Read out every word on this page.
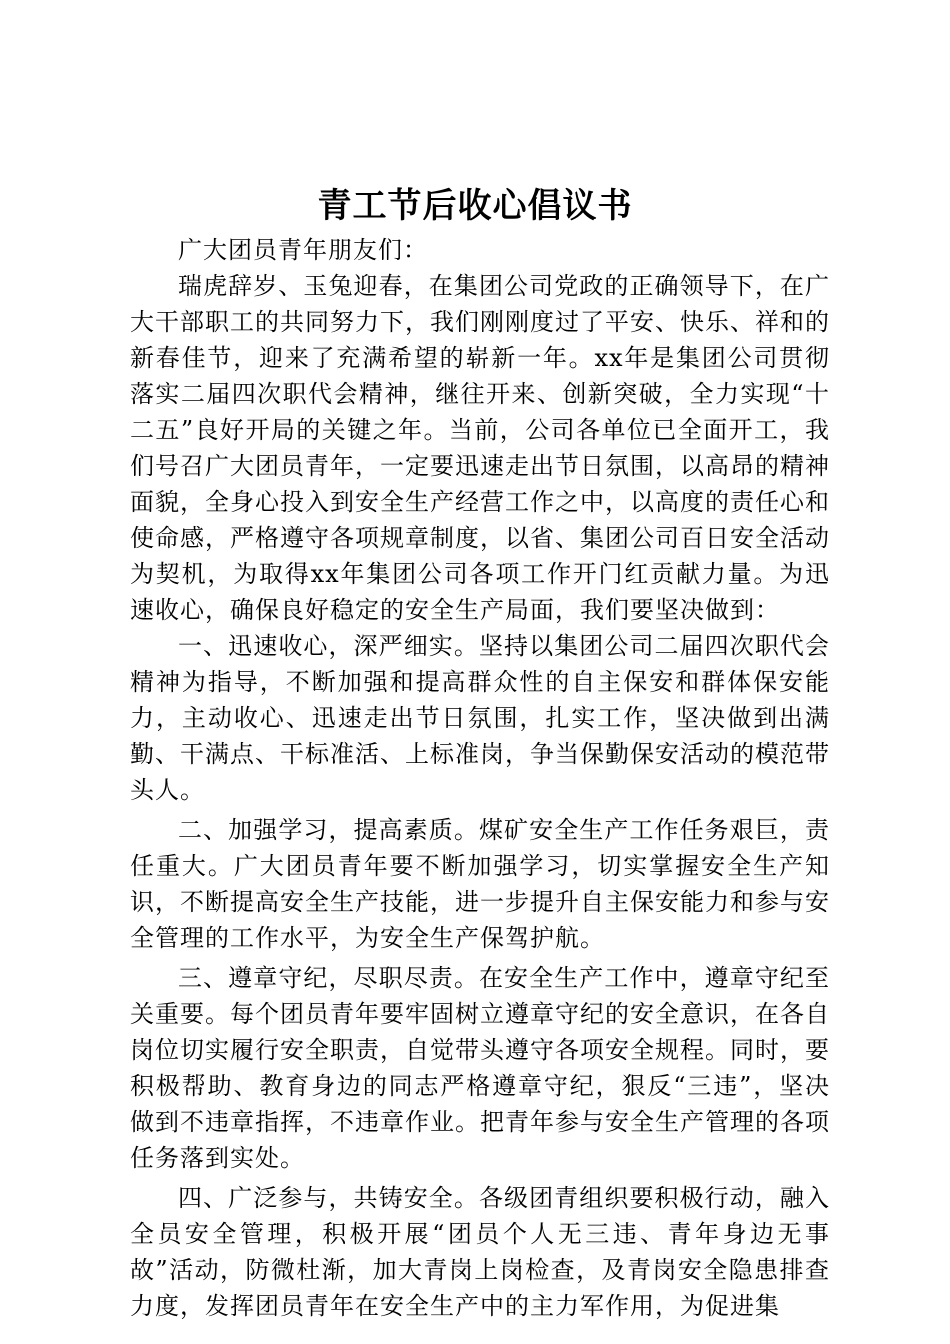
青工节后收心倡议书

广大团员青年朋友们：

瑞虎辞岁、玉兔迎春，在集团公司党政的正确领导下，在广大干部职工的共同努力下，我们刚刚度过了平安、快乐、祥和的新春佳节，迎来了充满希望的崭新一年。xx年是集团公司贯彻落实二届四次职代会精神，继往开来、创新突破，全力实现“十二五”良好开局的关键之年。当前，公司各单位已全面开工，我们号召广大团员青年，一定要迅速走出节日氛围，以高昂的精神面貌，全身心投入到安全生产经营工作之中，以高度的责任心和使命感，严格遵守各项规章制度，以省、集团公司百日安全活动为契机，为取得xx年集团公司各项工作开门红贡献力量。为迅速收心，确保良好稳定的安全生产局面，我们要坚决做到：

一、迅速收心，深严细实。坚持以集团公司二届四次职代会精神为指导，不断加强和提高群众性的自主保安和群体保安能力，主动收心、迅速走出节日氛围，扎实工作，坚决做到出满勤、干满点、干标准活、上标准岗，争当保勤保安活动的模范带头人。

二、加强学习，提高素质。煤矿安全生产工作任务艰巨，责任重大。广大团员青年要不断加强学习，切实掌握安全生产知识，不断提高安全生产技能，进一步提升自主保安能力和参与安全管理的工作水平，为安全生产保驾护航。

三、遵章守纪，尽职尽责。在安全生产工作中，遵章守纪至关重要。每个团员青年要牢固树立遵章守纪的安全意识，在各自岗位切实履行安全职责，自觉带头遵守各项安全规程。同时，要积极帮助、教育身边的同志严格遵章守纪，狠反“三违”，坚决做到不违章指挥，不违章作业。把青年参与安全生产管理的各项任务落到实处。

四、广泛参与，共铸安全。各级团青组织要积极行动，融入全员安全管理，积极开展“团员个人无三违、青年身边无事故”活动，防微杜渐，加大青岗上岗检查，及青岗安全隐患排查力度，发挥团员青年在安全生产中的主力军作用，为促进集
